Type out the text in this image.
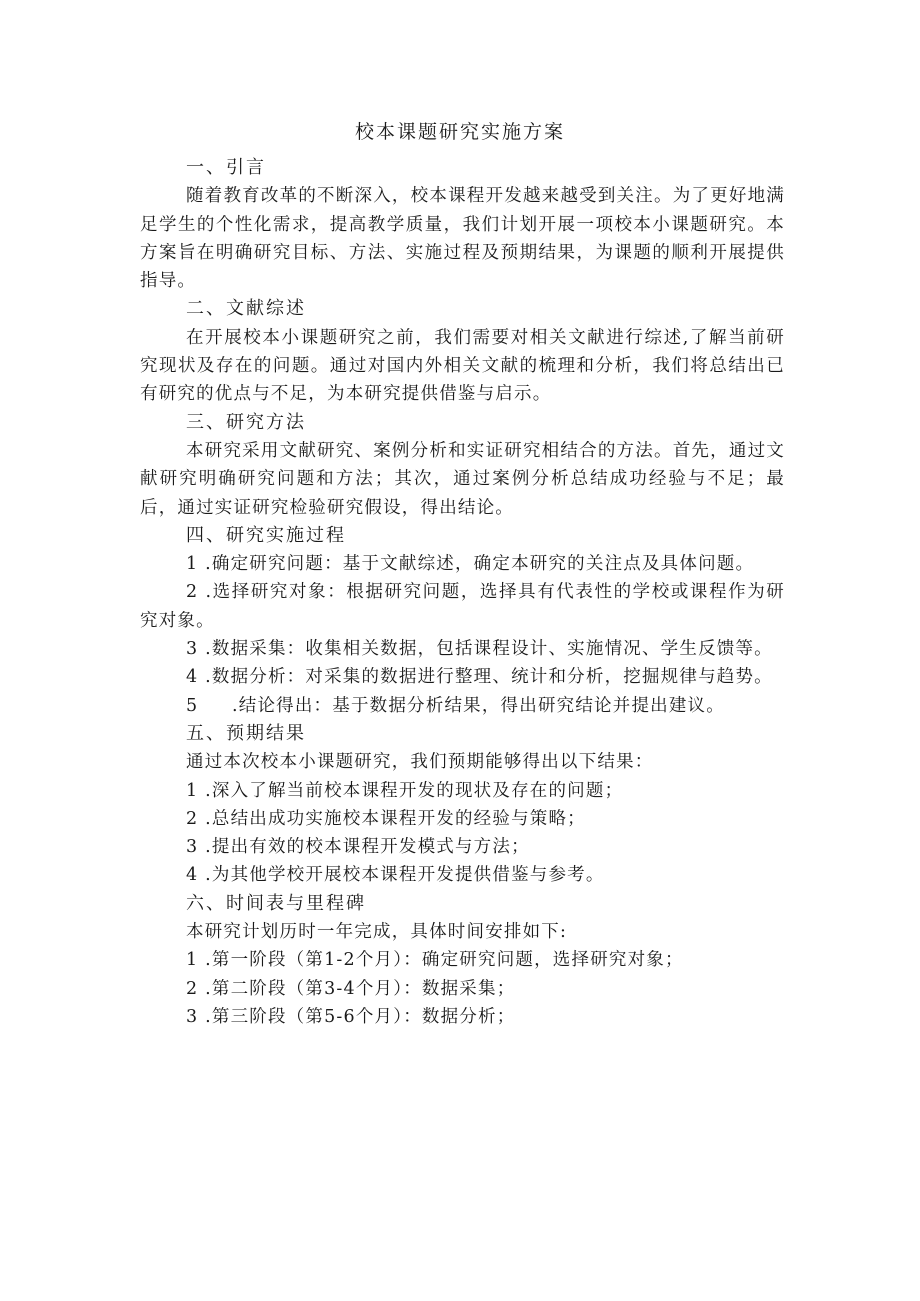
校本课题研究实施方案

一、引言

随着教育改革的不断深入，校本课程开发越来越受到关注。为了更好地满足学生的个性化需求，提高教学质量，我们计划开展一项校本小课题研究。本方案旨在明确研究目标、方法、实施过程及预期结果，为课题的顺利开展提供指导。

二、文献综述

在开展校本小课题研究之前，我们需要对相关文献进行综述,了解当前研究现状及存在的问题。通过对国内外相关文献的梳理和分析，我们将总结出已有研究的优点与不足，为本研究提供借鉴与启示。

三、研究方法

本研究采用文献研究、案例分析和实证研究相结合的方法。首先，通过文献研究明确研究问题和方法；其次，通过案例分析总结成功经验与不足；最后，通过实证研究检验研究假设，得出结论。

四、研究实施过程

1 .确定研究问题：基于文献综述，确定本研究的关注点及具体问题。

2 .选择研究对象：根据研究问题，选择具有代表性的学校或课程作为研究对象。

3 .数据采集：收集相关数据，包括课程设计、实施情况、学生反馈等。

4 .数据分析：对采集的数据进行整理、统计和分析，挖掘规律与趋势。

5 .结论得出：基于数据分析结果，得出研究结论并提出建议。

五、预期结果

通过本次校本小课题研究，我们预期能够得出以下结果：

1 .深入了解当前校本课程开发的现状及存在的问题；

2 .总结出成功实施校本课程开发的经验与策略；

3 .提出有效的校本课程开发模式与方法；

4 .为其他学校开展校本课程开发提供借鉴与参考。

六、时间表与里程碑

本研究计划历时一年完成，具体时间安排如下:

1 .第一阶段（第1-2个月）：确定研究问题，选择研究对象；

2 .第二阶段（第3-4个月）：数据采集；

3 .第三阶段（第5-6个月）：数据分析；
